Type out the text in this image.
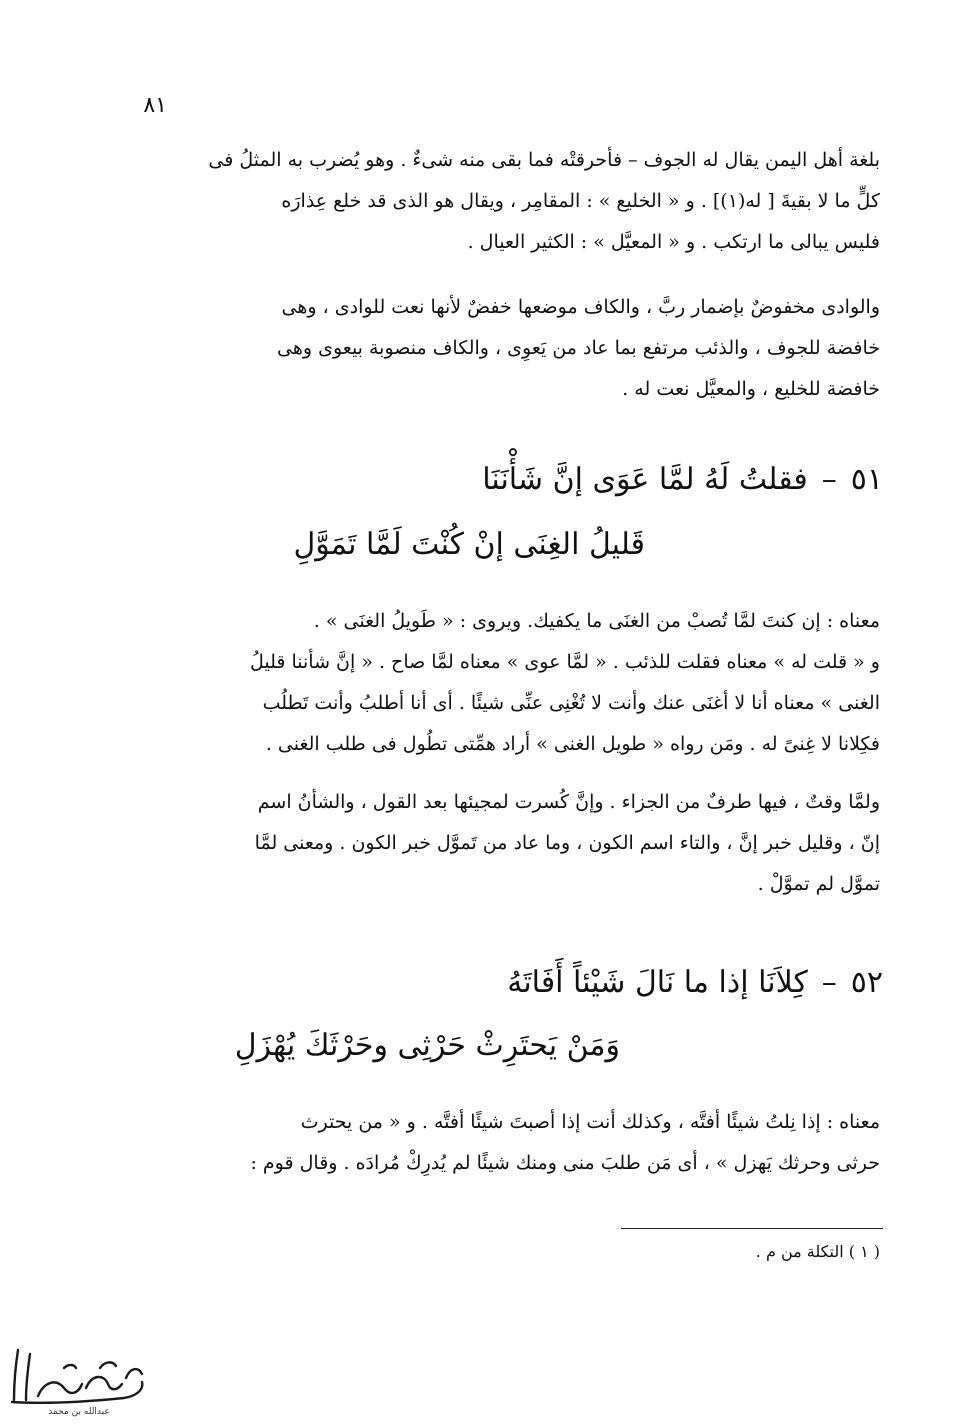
٨١

بلغة أهل اليمن يقال له الجوف – فأحرقتْه فما بقى منه شىءٌ . وهو يُضرب به المثلُ فى
كلٍّ ما لا بقيةَ [ له(١)] . و « الخليع » : المقامِر ، ويقال هو الذى قد خلع عِذارَه
فليس يبالى ما ارتكب . و « المعيَّل » : الكثير العيال .

والوادى مخفوضٌ بإضمار ربَّ ، والكاف موضعها خفضٌ لأنها نعت للوادى ، وهى
خافضة للجوف ، والذئب مرتفع بما عاد من يَعوِى ، والكاف منصوبة بيعوى وهى
خافضة للخليع ، والمعيَّل نعت له .

٥١–فقلتُ لَهُ لمَّا عَوَى إنَّ شَأْنَنَا
قَليلُ الغِنَى إنْ كُنْتَ لَمَّا تَمَوَّلِ

معناه : إن كنتَ لمَّا تُصبْ من الغنَى ما يكفيك. ويروى : « طَويلُ الغنَى » .
و « قلت له » معناه فقلت للذئب . « لمَّا عوى » معناه لمَّا صاح . « إنَّ شأننا قليلُ
الغنى » معناه أنا لا أغنَى عنك وأنت لا تُغْنِى عنِّى شيئًا . أى أنا أطلبُ وأنت تَطلُب
فكِلانا لا غِنىً له . ومَن رواه « طويل الغنى » أراد همِّتى تطُول فى طلب الغنى .

ولمَّا وقتٌ ، فيها طرفٌ من الجزاء . وإنَّ كُسرت لمجيئها بعد القول ، والشأنُ اسم
إنّ ، وقليل خبر إنَّ ، والتاء اسم الكون ، وما عاد من تَموَّل خبر الكون . ومعنى لمَّا
تموَّل لم تموَّلْ .

٥٢–كِلاَنَا إذا ما نَالَ شَيْئاً أَفَاتَهُ
وَمَنْ يَحتَرِثْ حَرْثِى وحَرْثَكَ يُهْزَلِ

معناه : إذا نِلتُ شيئًا أفتَّه ، وكذلك أنت إذا أصبتَ شيئًا أفتَّه . و « من يحترث
حرثى وحرثك يَهزل » ، أى مَن طلبَ منى ومنك شيئًا لم يُدرِكْ مُرادَه . وقال قوم :

( ١ ) التكلة من م .
عبدالله بن محمد
